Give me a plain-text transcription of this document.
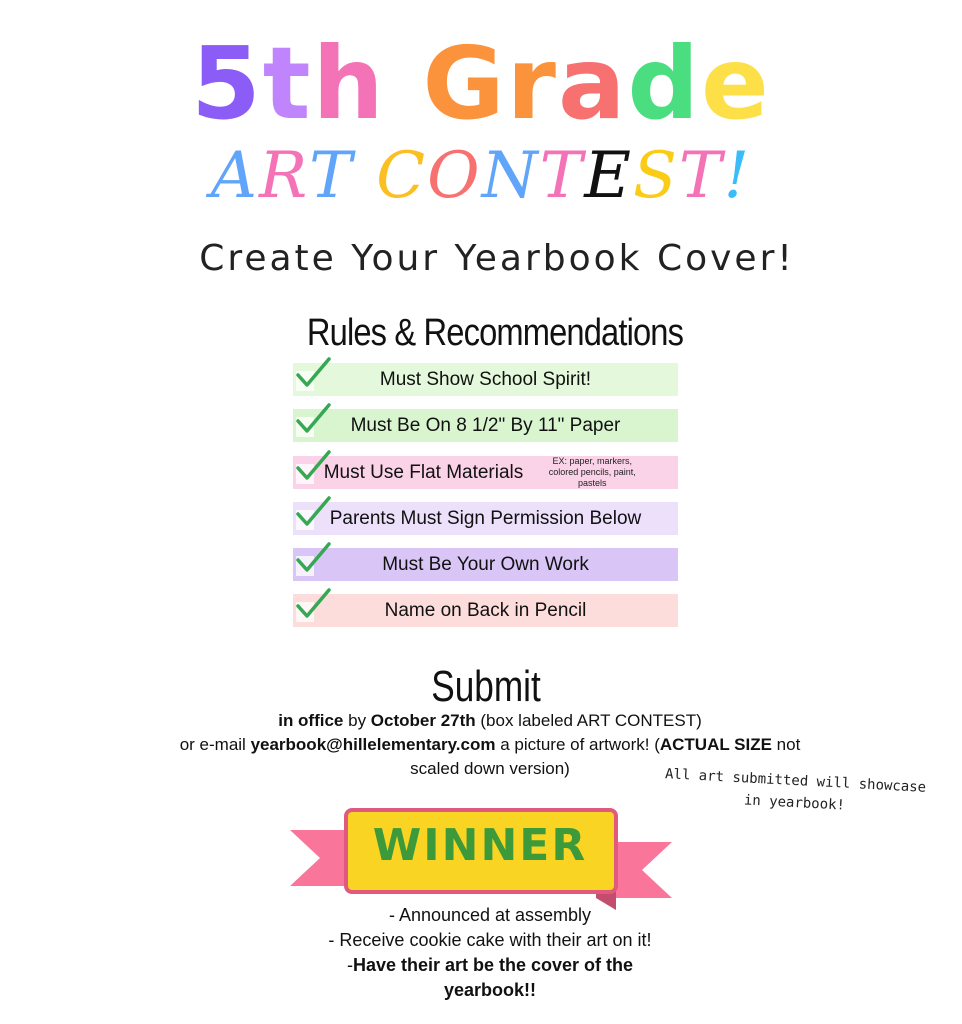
5th Grade
ART CONTEST!
Create Your Yearbook Cover!
Rules & Recommendations
Must Show School Spirit!
Must Be On 8 1/2" By 11" Paper
Must Use Flat Materials
EX: paper, markers, colored pencils, paint, pastels
Parents Must Sign Permission Below
Must Be Your Own Work
Name on Back in Pencil
Submit
in office by October 27th (box labeled ART CONTEST)
or e-mail yearbook@hillelementary.com a picture of artwork! (ACTUAL SIZE not
scaled down version)	All art submitted will showcase
in yearbook!
WINNER
- Announced at assembly
- Receive cookie cake with their art on it!
-Have their art be the cover of the
yearbook!!
